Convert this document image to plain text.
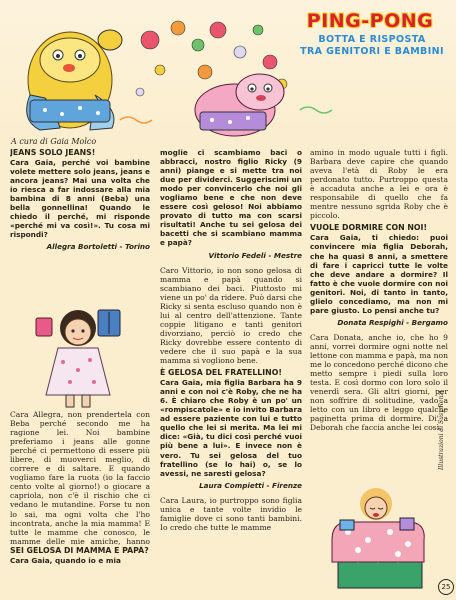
PING-PONG
BOTTA E RISPOSTA
TRA GENITORI E BAMBINI
A cura di Gaia Molco
JEANS SOLO JEANS!

Cara Gaia, perché voi bambine volete mettere solo jeans, jeans e ancora jeans? Mai una volta che io riesca a far indossare alla mia bambina di 8 anni (Beba) una bella gonnellina! Quando le chiedo il perché, mi risponde «perché mi va così!». Tu cosa mi rispondi?

Allegra Bortoletti - Torino

Cara Allegra, non prendertela con Beba perché secondo me ha ragione lei. Noi bambine preferiamo i jeans alle gonne perché ci permettono di essere più libere, di muoverci meglio, di correre e di saltare. E quando vogliamo fare la ruota (io la faccio cento volte al giorno!) o giocare a capriola, non c'è il rischio che ci vedano le mutandine. Forse tu non lo sai, ma ogni volta che l'ho incontrata, anche la mia mamma! E tutte le mamme che conosco, le mamme delle mie amiche, hanno

SEI GELOSA DI MAMMA E PAPÀ?

Cara Gaia, quando io e mia

moglie ci scambiamo baci o abbracci, nostro figlio Ricky (9 anni) piange e si mette tra noi due per dividerci. Suggeriscimi un modo per convincerlo che noi gli vogliamo bene e che non deve essere così geloso! Noi abbiamo provato di tutto ma con scarsi risultati! Anche tu sei gelosa dei bacetti che si scambiano mamma e papà?

Vittorio Fedeli - Mestre

Caro Vittorio, io non sono gelosa di mamma e papà quando si scambiano dei baci. Piuttosto mi viene un po' da ridere. Può darsi che Ricky si senta escluso quando non è lui al centro dell'attenzione. Tante coppie litigano e tanti genitori divorziano, perciò io credo che Ricky dovrebbe essere contento di vedere che il suo papà e la sua mamma si vogliono bene.

È GELOSA DEL FRATELLINO!

Cara Gaia, mia figlia Barbara ha 9 anni e con noi c'è Roby, che ne ha 6. È chiaro che Roby è un po' un «rompiscatole» e io invito Barbara ad essere paziente con lui e tutto quello che lei si merita. Ma lei mi dice: «Già, tu dici così perché vuoi più bene a lui». E invece non è vero. Tu sei gelosa del tuo fratellino (se lo hai) o, se lo avessi, ne saresti gelosa?

Laura Compietti - Firenze

Cara Laura, io purtroppo sono figlia unica e tante volte invidio le famiglie dove ci sono tanti bambini. Io credo che tutte le mamme

amino in modo uguale tutti i figli. Barbara deve capire che quando aveva l'età di Roby le era perdonato tutto. Purtroppo questa è accaduta anche a lei e ora è responsabile di quello che fa mentre nessuno sgrida Roby che è piccolo.

VUOLE DORMIRE CON NOI!

Cara Gaia, ti chiedo: puoi convincere mia figlia Deborah, che ha quasi 8 anni, a smettere di fare i capricci tutte le volte che deve andare a dormire? Il fatto è che vuole dormire con noi genitori. Noi, di tanto in tanto, glielo concediamo, ma non mi pare giusto. Lo pensi anche tu?

Donata Respighi - Bergamo

Cara Donata, anche io, che ho 9 anni, vorrei dormire ogni notte nel lettone con mamma e papà, ma non me lo concedono perché dicono che metto sempre i piedi sulla loro testa. E così dormo con loro solo il venerdì sera. Gli altri giorni, per non soffrire di solitudine, vado a letto con un libro e leggo qualche paginetta prima di dormire. Di' a Deborah che faccia anche lei così.

Illustrazioni di Susy Renzi
25
